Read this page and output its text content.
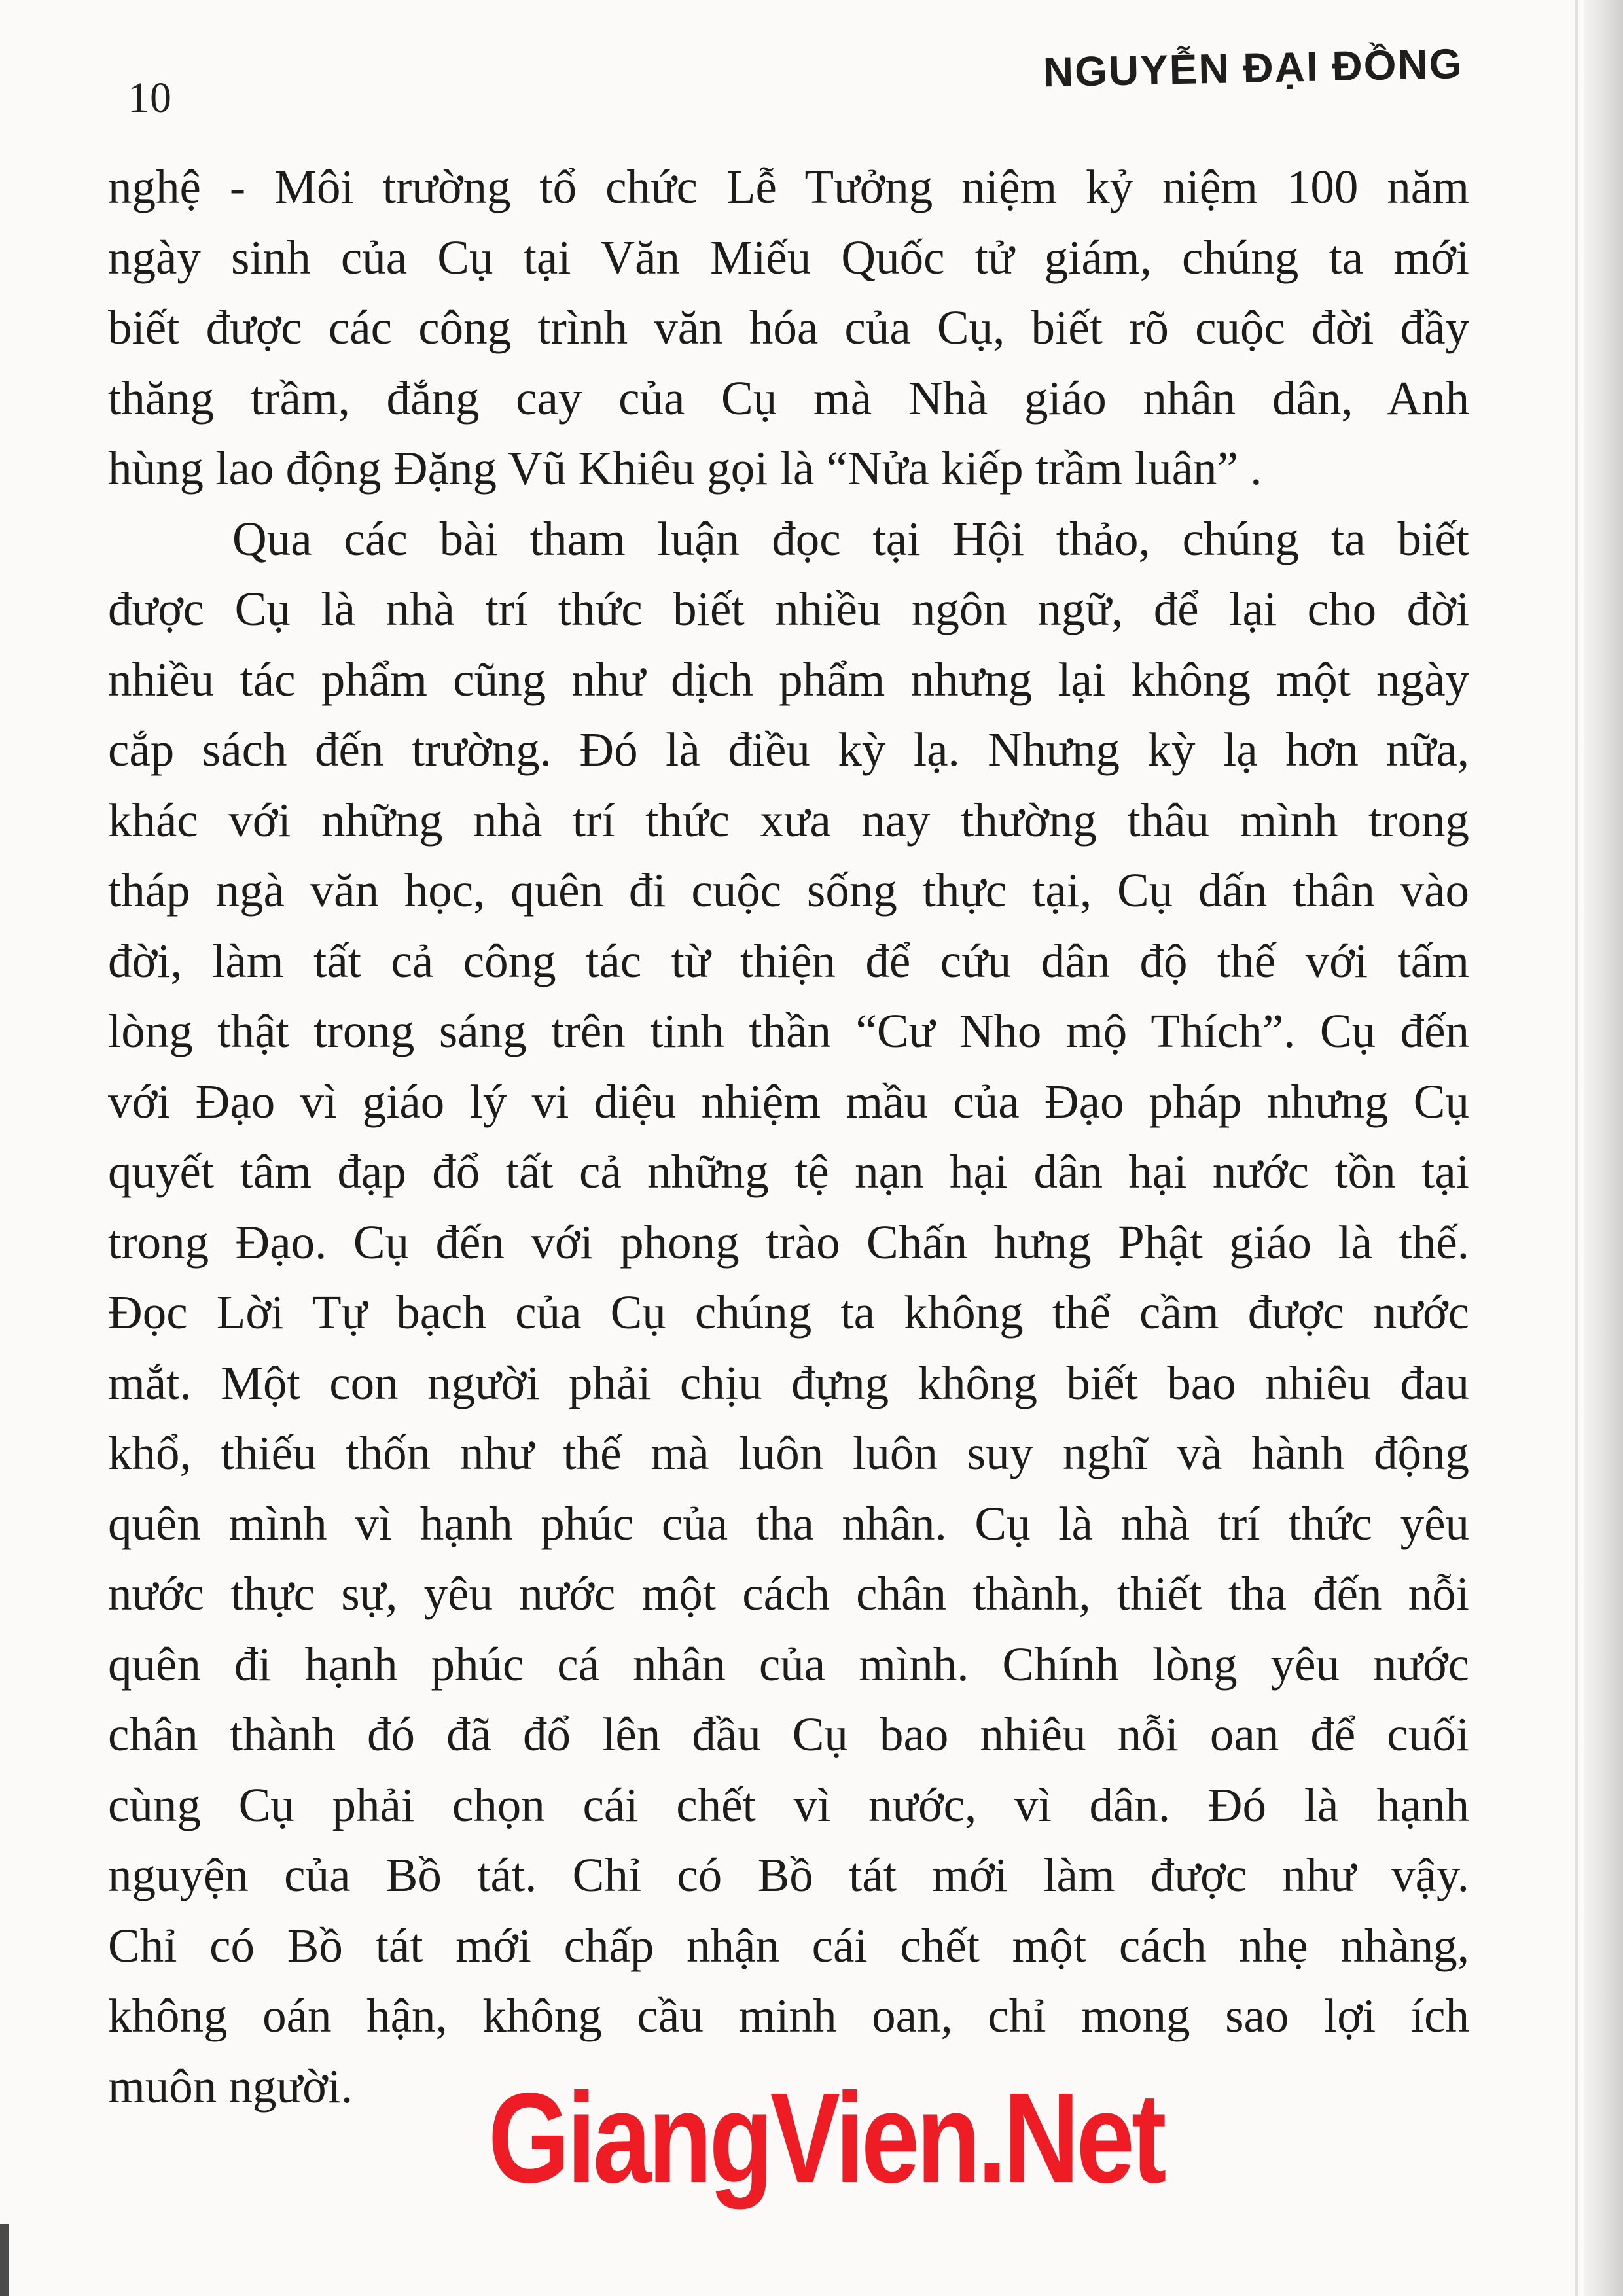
10
NGUYỄN ĐẠI ĐỒNG
nghệ - Môi trường tổ chức Lễ Tưởng niệm kỷ niệm 100 năm
ngày sinh của Cụ tại Văn Miếu Quốc tử giám, chúng ta mới
biết được các công trình văn hóa của Cụ, biết rõ cuộc đời đầy
thăng trầm, đắng cay của Cụ mà Nhà giáo nhân dân, Anh
hùng lao động Đặng Vũ Khiêu gọi là “Nửa kiếp trầm luân” .
Qua các bài tham luận đọc tại Hội thảo, chúng ta biết
được Cụ là nhà trí thức biết nhiều ngôn ngữ, để lại cho đời
nhiều tác phẩm cũng như dịch phẩm nhưng lại không một ngày
cắp sách đến trường. Đó là điều kỳ lạ. Nhưng kỳ lạ hơn nữa,
khác với những nhà trí thức xưa nay thường thâu mình trong
tháp ngà văn học, quên đi cuộc sống thực tại, Cụ dấn thân vào
đời, làm tất cả công tác từ thiện để cứu dân độ thế với tấm
lòng thật trong sáng trên tinh thần “Cư Nho mộ Thích”. Cụ đến
với Đạo vì giáo lý vi diệu nhiệm mầu của Đạo pháp nhưng Cụ
quyết tâm đạp đổ tất cả những tệ nạn hại dân hại nước tồn tại
trong Đạo. Cụ đến với phong trào Chấn hưng Phật giáo là thế.
Đọc Lời Tự bạch của Cụ chúng ta không thể cầm được nước
mắt. Một con người phải chịu đựng không biết bao nhiêu đau
khổ, thiếu thốn như thế mà luôn luôn suy nghĩ và hành động
quên mình vì hạnh phúc của tha nhân. Cụ là nhà trí thức yêu
nước thực sự, yêu nước một cách chân thành, thiết tha đến nỗi
quên đi hạnh phúc cá nhân của mình. Chính lòng yêu nước
chân thành đó đã đổ lên đầu Cụ bao nhiêu nỗi oan để cuối
cùng Cụ phải chọn cái chết vì nước, vì dân. Đó là hạnh
nguyện của Bồ tát. Chỉ có Bồ tát mới làm được như vậy.
Chỉ có Bồ tát mới chấp nhận cái chết một cách nhẹ nhàng,
không oán hận, không cầu minh oan, chỉ mong sao lợi ích
muôn người.	GiangVien.Net
